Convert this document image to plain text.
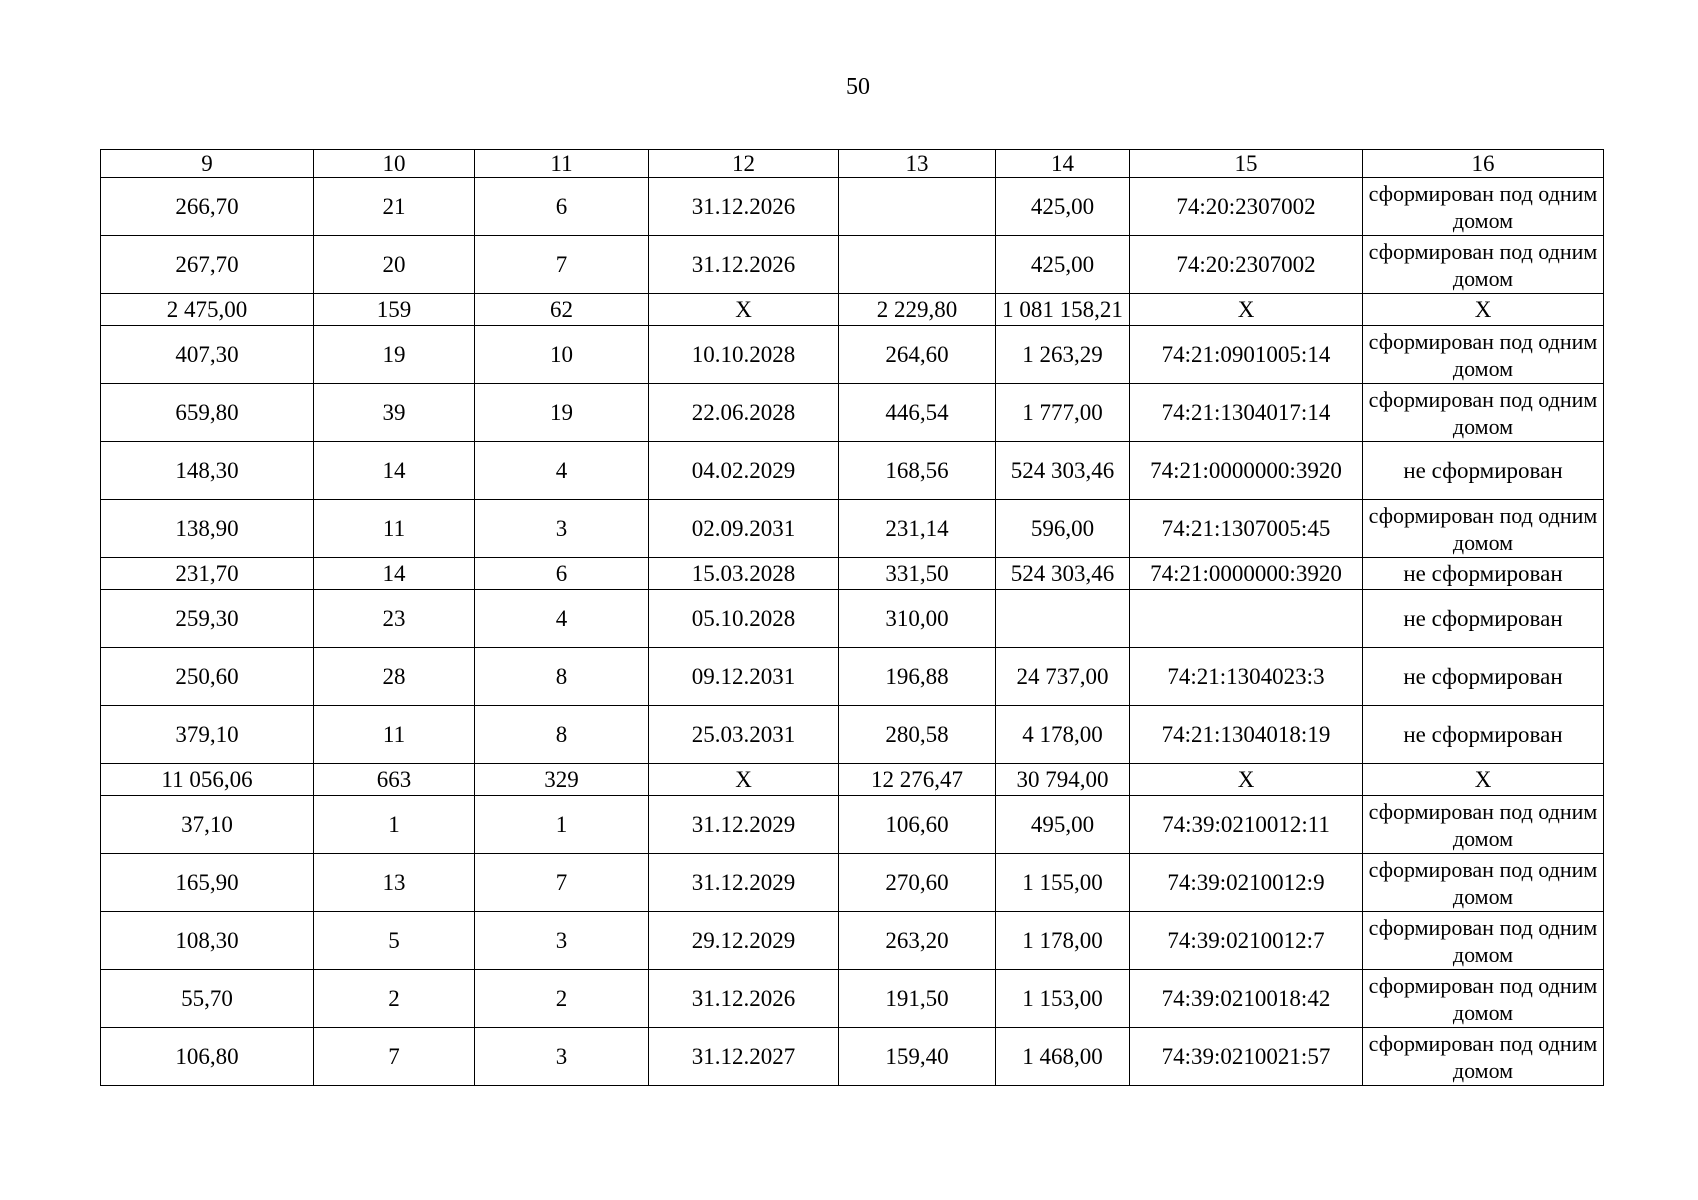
50
9	10	11	12	13	14	15	16
266,70	21	6	31.12.2026		425,00	74:20:2307002	сформирован под одним домом
267,70	20	7	31.12.2026		425,00	74:20:2307002	сформирован под одним домом
2 475,00	159	62	X	2 229,80	1 081 158,21	X	X
407,30	19	10	10.10.2028	264,60	1 263,29	74:21:0901005:14	сформирован под одним домом
659,80	39	19	22.06.2028	446,54	1 777,00	74:21:1304017:14	сформирован под одним домом
148,30	14	4	04.02.2029	168,56	524 303,46	74:21:0000000:3920	не сформирован
138,90	11	3	02.09.2031	231,14	596,00	74:21:1307005:45	сформирован под одним домом
231,70	14	6	15.03.2028	331,50	524 303,46	74:21:0000000:3920	не сформирован
259,30	23	4	05.10.2028	310,00			не сформирован
250,60	28	8	09.12.2031	196,88	24 737,00	74:21:1304023:3	не сформирован
379,10	11	8	25.03.2031	280,58	4 178,00	74:21:1304018:19	не сформирован
11 056,06	663	329	X	12 276,47	30 794,00	X	X
37,10	1	1	31.12.2029	106,60	495,00	74:39:0210012:11	сформирован под одним домом
165,90	13	7	31.12.2029	270,60	1 155,00	74:39:0210012:9	сформирован под одним домом
108,30	5	3	29.12.2029	263,20	1 178,00	74:39:0210012:7	сформирован под одним домом
55,70	2	2	31.12.2026	191,50	1 153,00	74:39:0210018:42	сформирован под одним домом
106,80	7	3	31.12.2027	159,40	1 468,00	74:39:0210021:57	сформирован под одним домом
